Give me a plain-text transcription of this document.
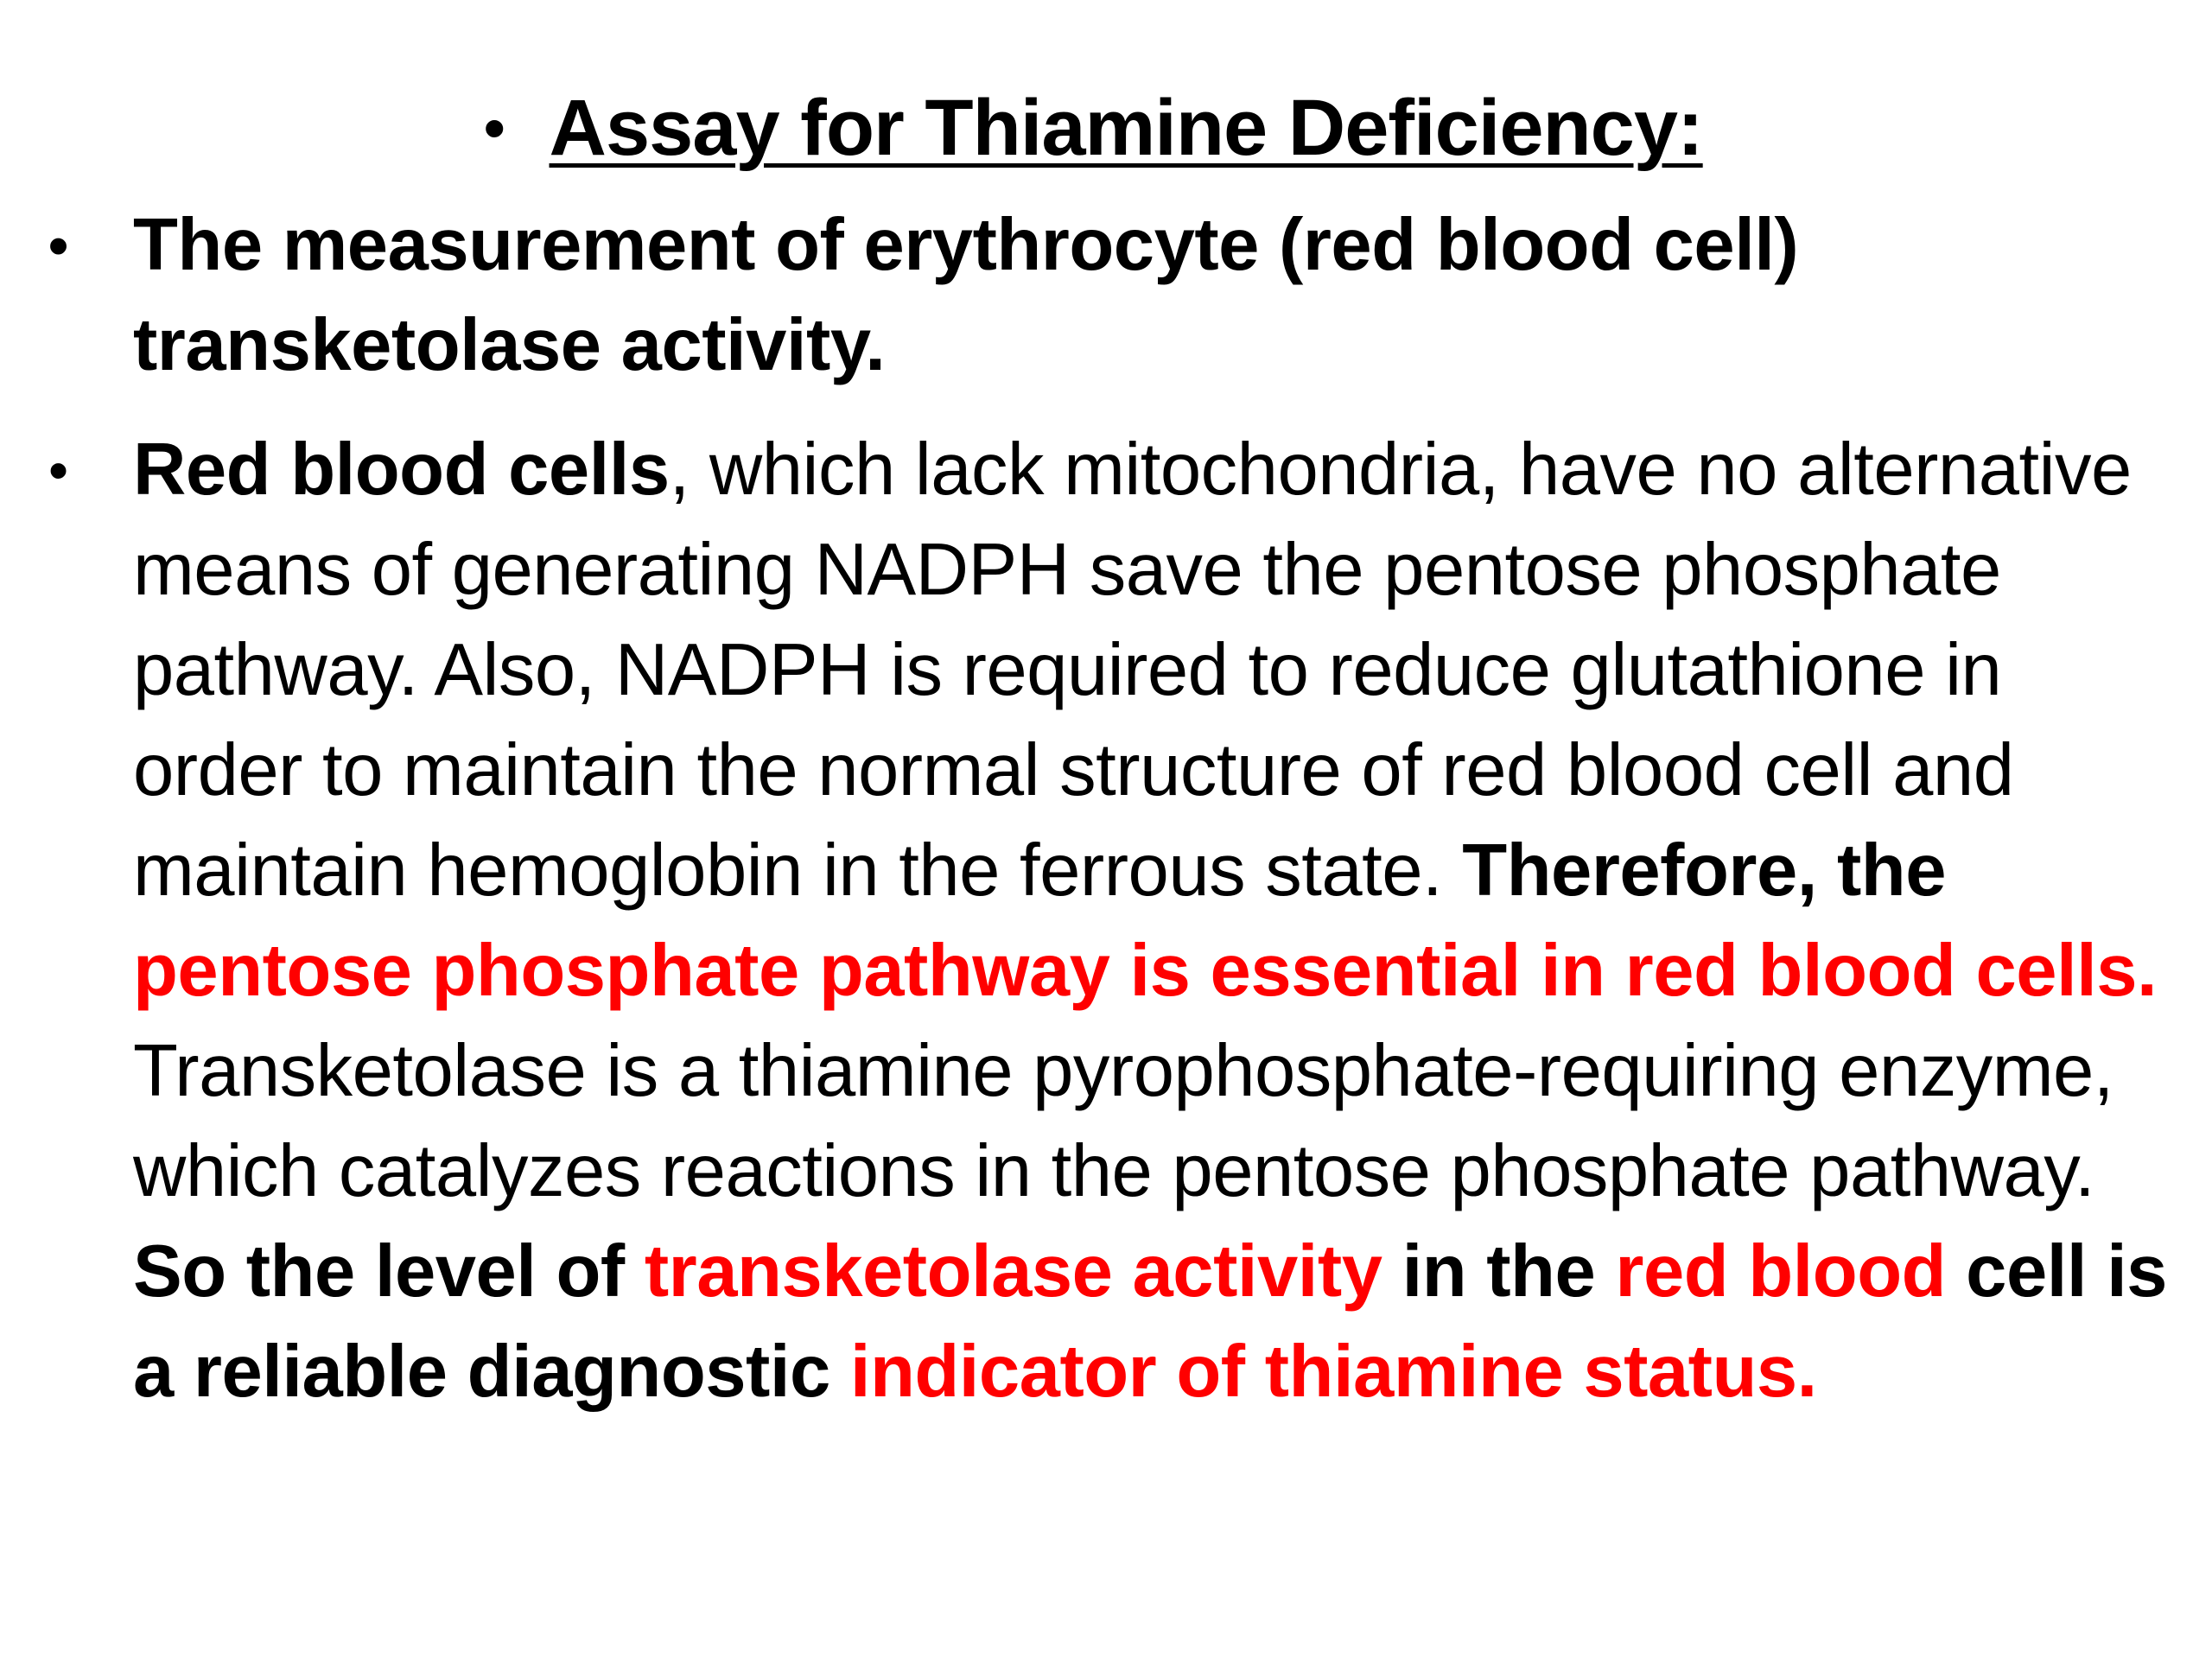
• Assay for Thiamine Deficiency:
• The measurement of erythrocyte (red blood cell) transketolase activity.
• Red blood cells, which lack mitochondria, have no alternative means of generating NADPH save the pentose phosphate pathway. Also, NADPH is required to reduce glutathione in order to maintain the normal structure of red blood cell and maintain hemoglobin in the ferrous state. Therefore, the pentose phosphate pathway is essential in red blood cells. Transketolase is a thiamine pyrophosphate-requiring enzyme, which catalyzes reactions in the pentose phosphate pathway. So the level of transketolase activity in the red blood cell is a reliable diagnostic indicator of thiamine status.
